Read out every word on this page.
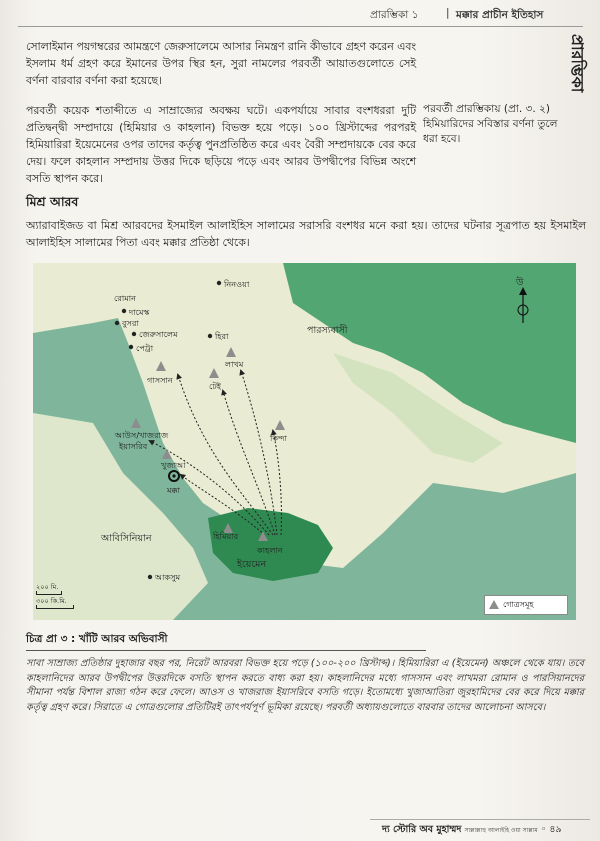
প্রারম্ভিকা ১	| মক্কার প্রাচীন ইতিহাস
প্রারম্ভিকা

সোলাইমান পয়গম্বরের আমন্ত্রণে জেরুসালেমে আসার নিমন্ত্রণ রানি কীভাবে গ্রহণ করেন এবং ইসলাম ধর্ম গ্রহণ করে ইমানের উপর স্থির হন, সুরা নামলের পরবর্তী আয়াতগুলোতে সেই বর্ণনা বারবার বর্ণনা করা হয়েছে।

পরবর্তী কয়েক শতাব্দীতে এ সাম্রাজ্যের অবক্ষয় ঘটে। একপর্যায়ে সাবার বংশধররা দুটি প্রতিদ্বন্দ্বী সম্প্রদায়ে (হিমিয়ার ও কাহলান) বিভক্ত হয়ে পড়ে। ১০০ খ্রিস্টাব্দের পরপরই হিমিয়ারিরা ইয়েমেনের ওপর তাদের কর্তৃত্ব পুনপ্রতিষ্ঠিত করে এবং বৈরী সম্প্রদায়কে বের করে দেয়। ফলে কাহলান সম্প্রদায় উত্তর দিকে ছড়িয়ে পড়ে এবং আরব উপদ্বীপের বিভিন্ন অংশে বসতি স্থাপন করে।

পরবর্তী প্রারম্ভিকায় (প্রা. ৩. ২) হিমিয়ারিদের সবিস্তার বর্ণনা তুলে ধরা হবে।

মিশ্র আরব

অ্যারাবাইজড বা মিশ্র আরবদের ইসমাইল আলাইহিস সালামের সরাসরি বংশধর মনে করা হয়। তাদের ঘটনার সূত্রপাত হয় ইসমাইল আলাইহিস সালামের পিতা এবং মক্কার প্রতিষ্ঠা থেকে।

উ
রোমান
দামেস্ক
বুসরা
জেরুসালেম
পেট্রা
নিনওয়া
হিরা	পারস্যবাসী
গাসসান
লাখম
টেই
আউস/খাজরাজ
ইয়াসরিব
খুজাআ
মক্কা
কিন্দা
আবিসিনিয়ান	হিমিয়ার
কাহলান
ইয়েমেন
আকসুম
২০০ মি.
৩০০ কি.মি.	গোত্রসমূহ

চিত্র প্রা ৩ : খাঁটি আরব অভিবাসী

সাবা সাম্রাজ্য প্রতিষ্ঠার দুহাজার বছর পর, নিরেট আরবরা বিভক্ত হয়ে পড়ে (১০০-২০০ খ্রিস্টাব্দ)। হিমিয়ারিরা এ (ইয়েমেন) অঞ্চলে থেকে যায়। তবে কাহলানিদের আরব উপদ্বীপের উত্তরদিকে বসতি স্থাপন করতে বাধ্য করা হয়। কাহলানিদের মধ্যে গাসসান এবং লাখমরা রোমান ও পারসিয়ানদের সীমানা পর্যন্ত বিশাল রাজ্য গঠন করে ফেলে। আওস ও খাজরাজ ইয়াসরিবে বসতি গড়ে। ইতোমধ্যে খুজাআতিরা জুরহামিদের বের করে দিয়ে মক্কার কর্তৃত্ব গ্রহণ করে। সিরাতে এ গোত্রগুলোর প্রতিটিরই তাৎপর্যপূর্ণ ভূমিকা রয়েছে। পরবর্তী অধ্যায়গুলোতে বারবার তাদের আলোচনা আসবে।

দ্য স্টোরি অব মুহাম্মদ সাল্লাল্লাহু আলাইহি ওয়া সাল্লাম ◦ ৪৯
